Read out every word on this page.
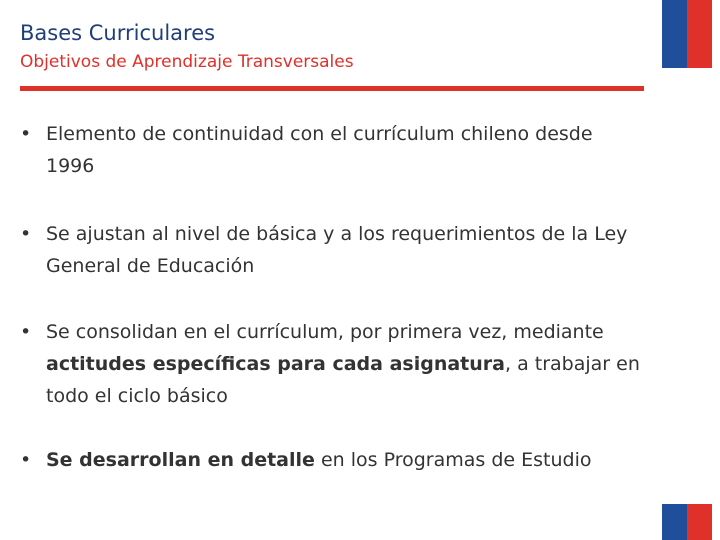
Bases Curriculares
Objetivos de Aprendizaje Transversales
• Elemento de continuidad con el currículum chileno desde 1996
• Se ajustan al nivel de básica y a los requerimientos de la Ley General de Educación
• Se consolidan en el currículum, por primera vez, mediante actitudes específicas para cada asignatura, a trabajar en todo el ciclo básico
• Se desarrollan en detalle en los Programas de Estudio
